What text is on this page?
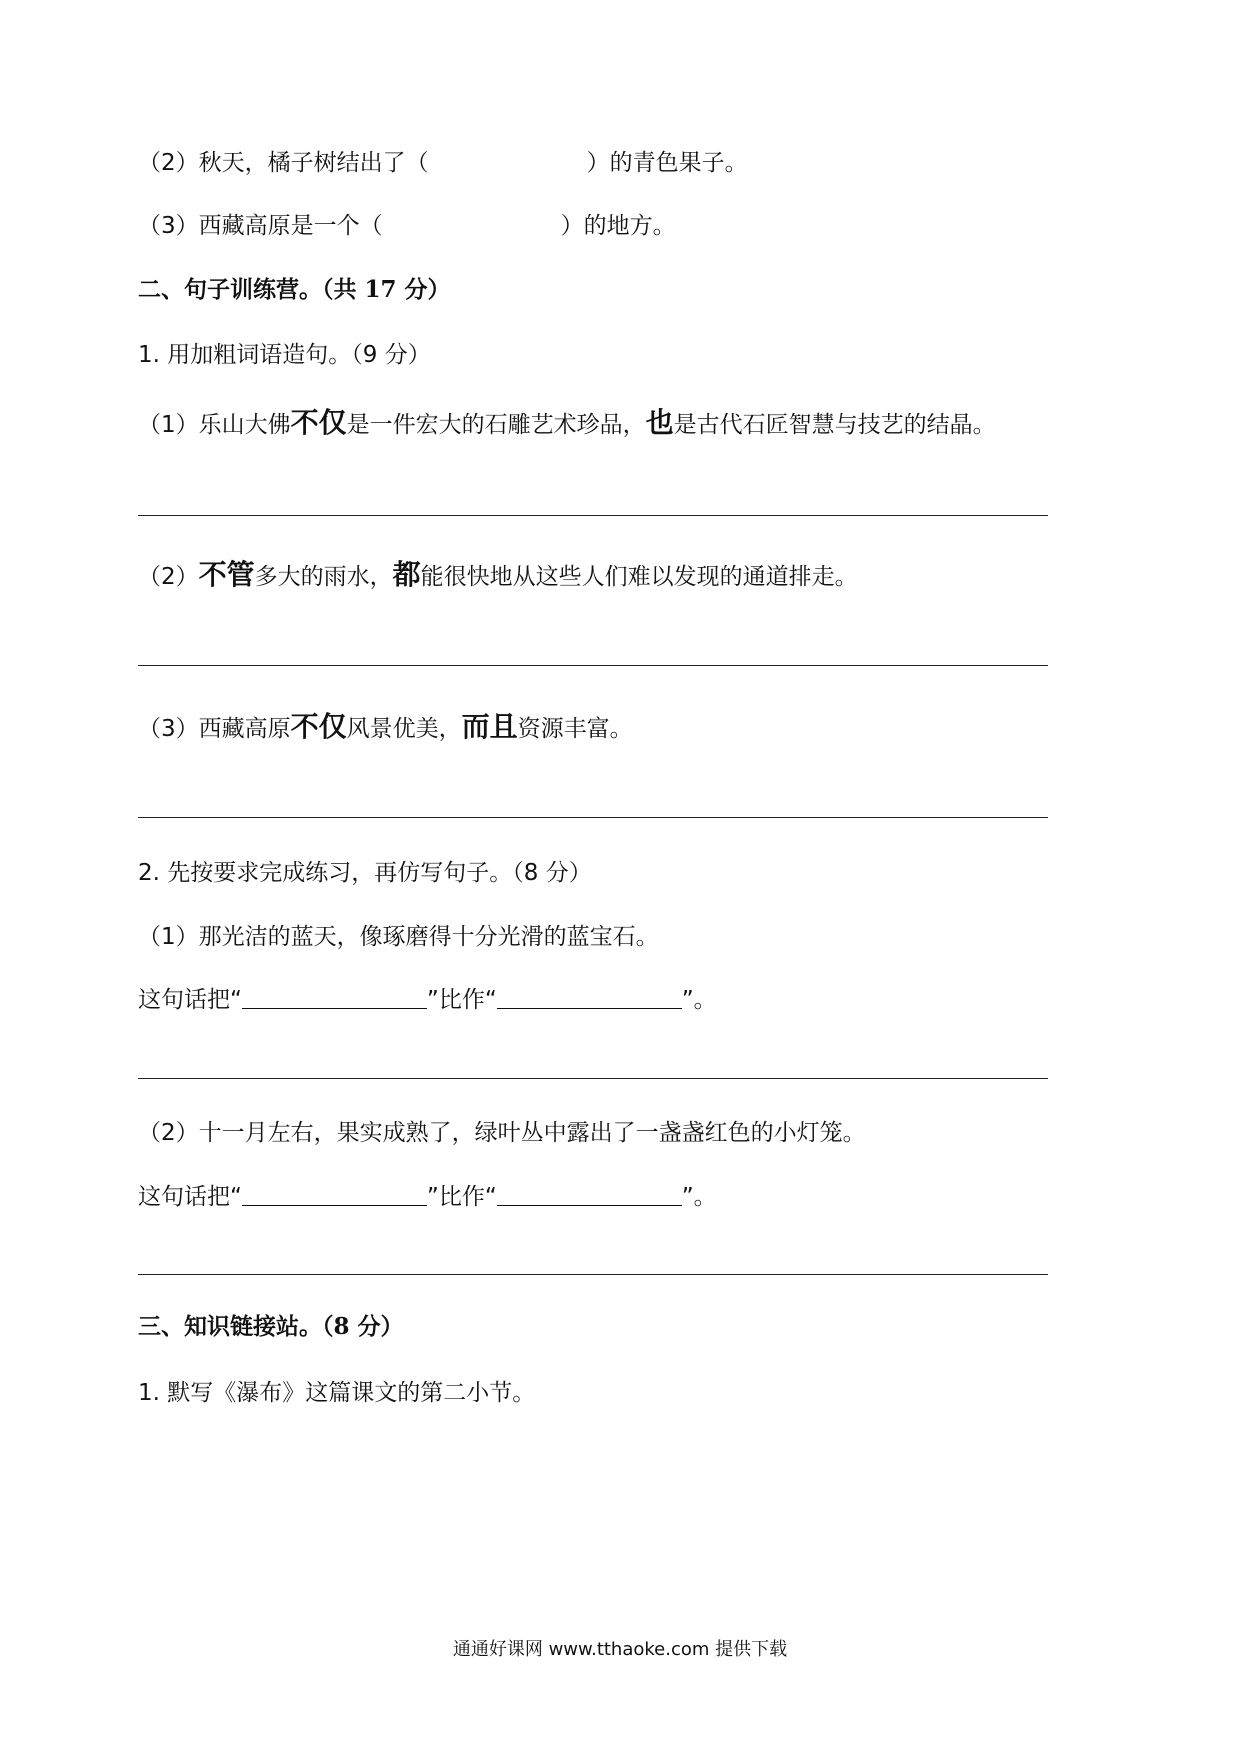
（2）秋天，橘子树结出了（	）的青色果子。
（3）西藏高原是一个（	）的地方。
二、句子训练营。（共 17 分）
1. 用加粗词语造句。（9 分）
（1）乐山大佛不仅是一件宏大的石雕艺术珍品，也是古代石匠智慧与技艺的结晶。
（2）不管多大的雨水，都能很快地从这些人们难以发现的通道排走。
（3）西藏高原不仅风景优美，而且资源丰富。
2. 先按要求完成练习，再仿写句子。（8 分）
（1）那光洁的蓝天，像琢磨得十分光滑的蓝宝石。
这句话把“	”比作“	”。
（2）十一月左右，果实成熟了，绿叶丛中露出了一盏盏红色的小灯笼。
这句话把“	”比作“	”。
三、知识链接站。（8 分）
1. 默写《瀑布》这篇课文的第二小节。
通通好课网 www.tthaoke.com 提供下载
